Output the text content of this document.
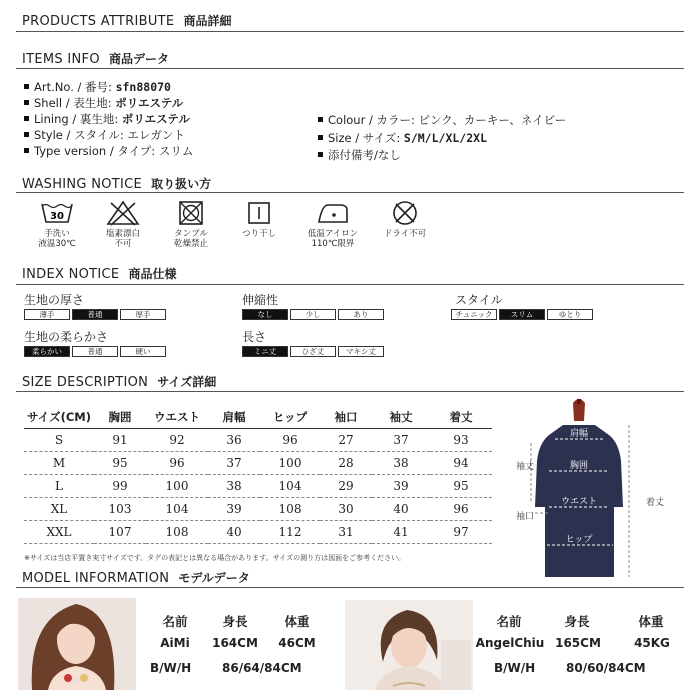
PRODUCTS ATTRIBUTE 商品詳細
ITEMS INFO 商品データ
Art.No. / 番号: sfn88070
Shell / 表生地: ポリエステル
Lining / 裏生地: ポリエステル
Style / スタイル: エレガント
Type version / タイプ: スリム
Colour / カラー: ピンク、カーキー、ネイビー
Size / サイズ: S/M/L/XL/2XL
添付備考/なし
WASHING NOTICE 取り扱い方
30
手洗い
液温30℃
塩素漂白
不可
タンブル
乾燥禁止
つり干し	低温アイロン
110℃限界
ドライ不可
INDEX NOTICE 商品仕様
生地の厚さ
薄手	普通	厚手
伸縮性
なし	少し	あり
スタイル
チュニック	スリム	ゆとり
生地の柔らかさ
柔らかい	普通	硬い
長さ
ミニ丈	ひざ丈	マキシ丈
SIZE DESCRIPTION サイズ詳細
サイズ(CM)	胸囲	ウエスト	肩幅	ヒップ	袖口	袖丈	着丈
S	91	92	36	96	27	37	93
M	95	96	37	100	28	38	94
L	99	100	38	104	29	39	95
XL	103	104	39	108	30	40	96
XXL	107	108	40	112	31	41	97
※サイズは当店平置き実寸サイズです。タグの表記とは異なる場合があります。サイズの測り方は図面をご参考ください。
肩幅
袖丈	胸囲
袖口
ウエスト	着丈
ヒップ
MODEL INFORMATION モデルデータ
名前	身長	体重
AiMi	164CM	46CM
B/W/H	86/64/84CM
名前	身長	体重
AngelChiu 165CM	45KG
B/W/H	80/60/84CM
